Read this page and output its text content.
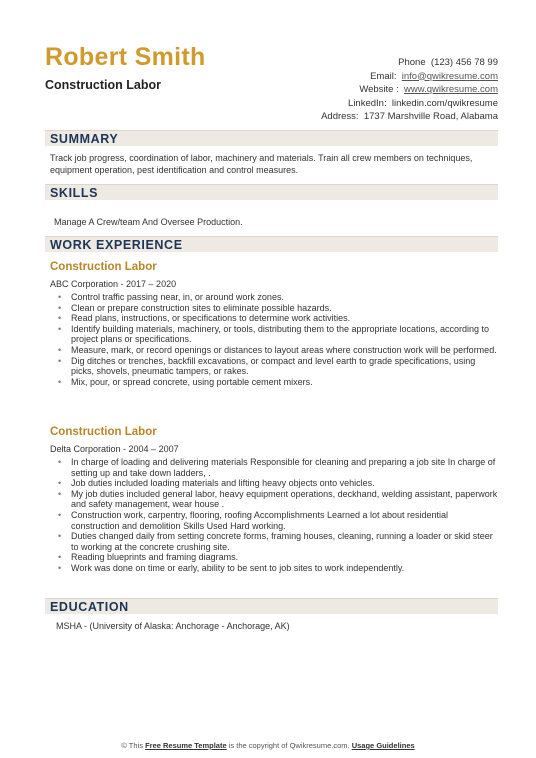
Robert Smith
Construction Labor
Phone (123) 456 78 99
Email: info@qwikresume.com
Website : www.qwikresume.com
LinkedIn: linkedin.com/qwikresume
Address: 1737 Marshville Road, Alabama
SUMMARY
Track job progress, coordination of labor, machinery and materials. Train all crew members on techniques, equipment operation, pest identification and control measures.
SKILLS
Manage A Crew/team And Oversee Production.
WORK EXPERIENCE
Construction Labor
ABC Corporation - 2017 – 2020
• Control traffic passing near, in, or around work zones.
• Clean or prepare construction sites to eliminate possible hazards.
• Read plans, instructions, or specifications to determine work activities.
• Identify building materials, machinery, or tools, distributing them to the appropriate locations, according to project plans or specifications.
• Measure, mark, or record openings or distances to layout areas where construction work will be performed.
• Dig ditches or trenches, backfill excavations, or compact and level earth to grade specifications, using picks, shovels, pneumatic tampers, or rakes.
• Mix, pour, or spread concrete, using portable cement mixers.
Construction Labor
Delta Corporation - 2004 – 2007
• In charge of loading and delivering materials Responsible for cleaning and preparing a job site In charge of setting up and take down ladders, .
• Job duties included loading materials and lifting heavy objects onto vehicles.
• My job duties included general labor, heavy equipment operations, deckhand, welding assistant, paperwork and safety management, wear house .
• Construction work, carpentry, flooring, roofing Accomplishments Learned a lot about residential construction and demolition Skills Used Hard working.
• Duties changed daily from setting concrete forms, framing houses, cleaning, running a loader or skid steer to working at the concrete crushing site.
• Reading blueprints and framing diagrams.
• Work was done on time or early, ability to be sent to job sites to work independently.
EDUCATION
MSHA - (University of Alaska: Anchorage - Anchorage, AK)
© This Free Resume Template is the copyright of Qwikresume.com. Usage Guidelines
